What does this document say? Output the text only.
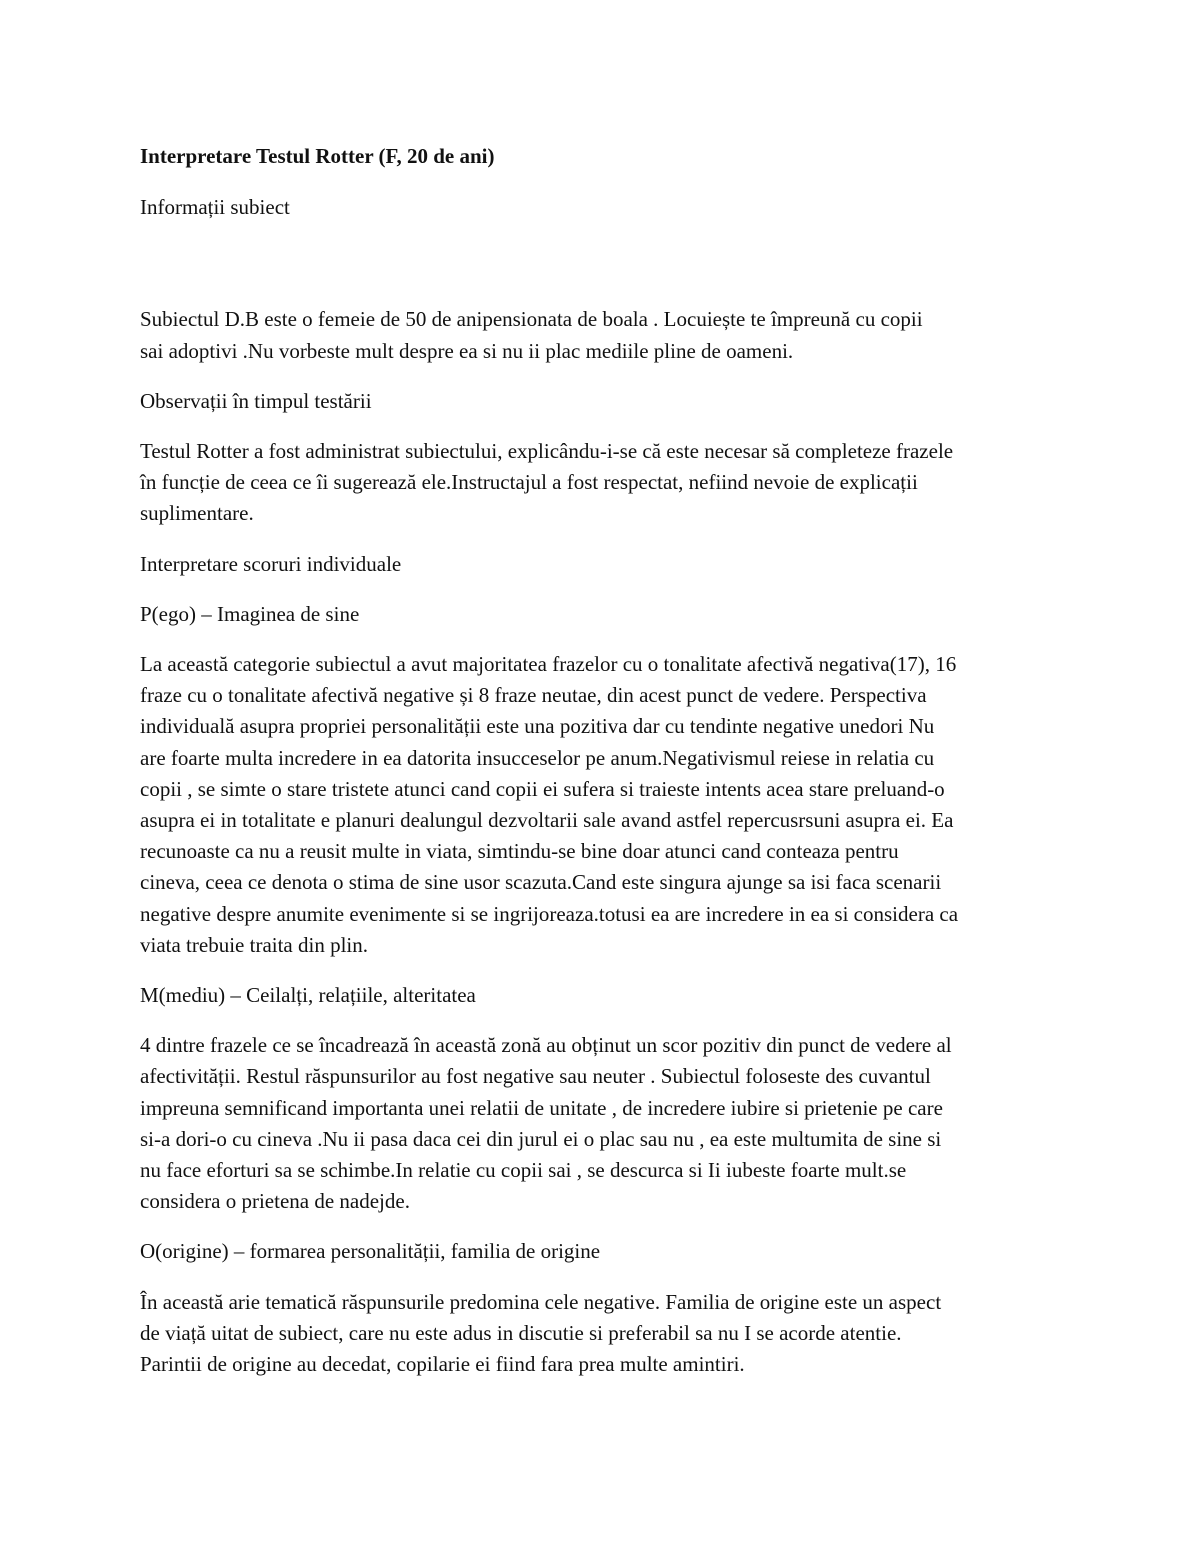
Interpretare Testul Rotter (F, 20 de ani)

Informații subiect

Subiectul D.B este o femeie de 50 de anipensionata de boala . Locuiește te împreună cu copii
sai adoptivi .Nu vorbeste mult despre ea si nu ii plac mediile pline de oameni.

Observații în timpul testării

Testul Rotter a fost administrat subiectului, explicându-i-se că este necesar să completeze frazele
în funcție de ceea ce îi sugerează ele.Instructajul a fost respectat, nefiind nevoie de explicații
suplimentare.

Interpretare scoruri individuale

P(ego) – Imaginea de sine

La această categorie subiectul a avut majoritatea frazelor cu o tonalitate afectivă negativa(17), 16
fraze cu o tonalitate afectivă negative și 8 fraze neutae, din acest punct de vedere. Perspectiva
individuală asupra propriei personalității este una pozitiva dar cu tendinte negative unedori Nu
are foarte multa incredere in ea datorita insucceselor pe anum.Negativismul reiese in relatia cu
copii , se simte o stare tristete atunci cand copii ei sufera si traieste intents acea stare preluand-o
asupra ei in totalitate e planuri dealungul dezvoltarii sale avand astfel repercusrsuni asupra ei. Ea
recunoaste ca nu a reusit multe in viata, simtindu-se bine doar atunci cand conteaza pentru
cineva, ceea ce denota o stima de sine usor scazuta.Cand este singura ajunge sa isi faca scenarii
negative despre anumite evenimente si se ingrijoreaza.totusi ea are incredere in ea si considera ca
viata trebuie traita din plin.

M(mediu) – Ceilalți, relațiile, alteritatea

4 dintre frazele ce se încadrează în această zonă au obținut un scor pozitiv din punct de vedere al
afectivității. Restul răspunsurilor au fost negative sau neuter . Subiectul foloseste des cuvantul
impreuna semnificand importanta unei relatii de unitate , de incredere iubire si prietenie pe care
si-a dori-o cu cineva .Nu ii pasa daca cei din jurul ei o plac sau nu , ea este multumita de sine si
nu face eforturi sa se schimbe.In relatie cu copii sai , se descurca si Ii iubeste foarte mult.se
considera o prietena de nadejde.

O(origine) – formarea personalității, familia de origine

În această arie tematică răspunsurile predomina cele negative. Familia de origine este un aspect
de viață uitat de subiect, care nu este adus in discutie si preferabil sa nu I se acorde atentie.
Parintii de origine au decedat, copilarie ei fiind fara prea multe amintiri.
